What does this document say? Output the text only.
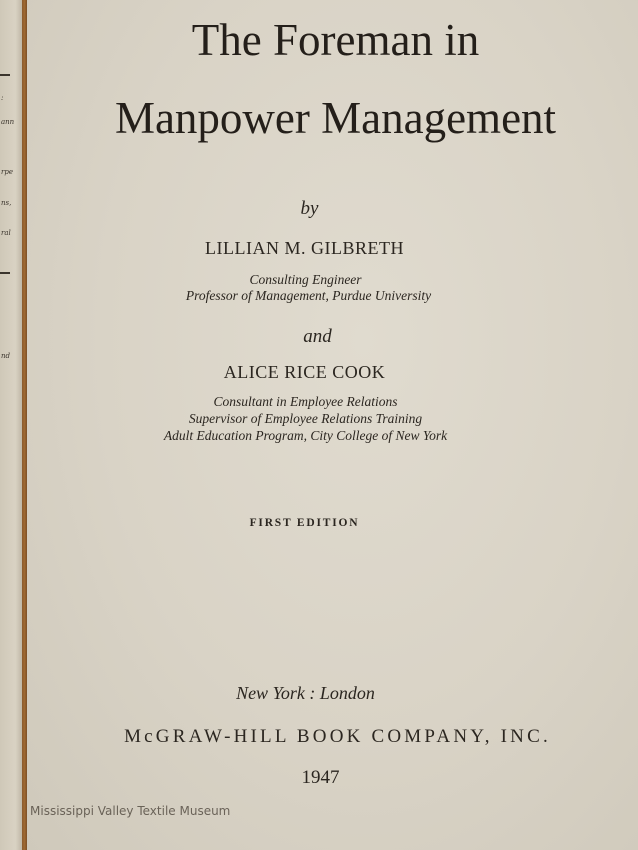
:
ann
rpe
ns,
ral
nd
The Foreman in
Manpower Management
by
LILLIAN M. GILBRETH
Consulting Engineer
Professor of Management, Purdue University
and
ALICE RICE COOK
Consultant in Employee Relations
Supervisor of Employee Relations Training
Adult Education Program, City College of New York
FIRST EDITION
New York : London
McGRAW-HILL BOOK COMPANY, INC.
1947
Mississippi Valley Textile Museum
